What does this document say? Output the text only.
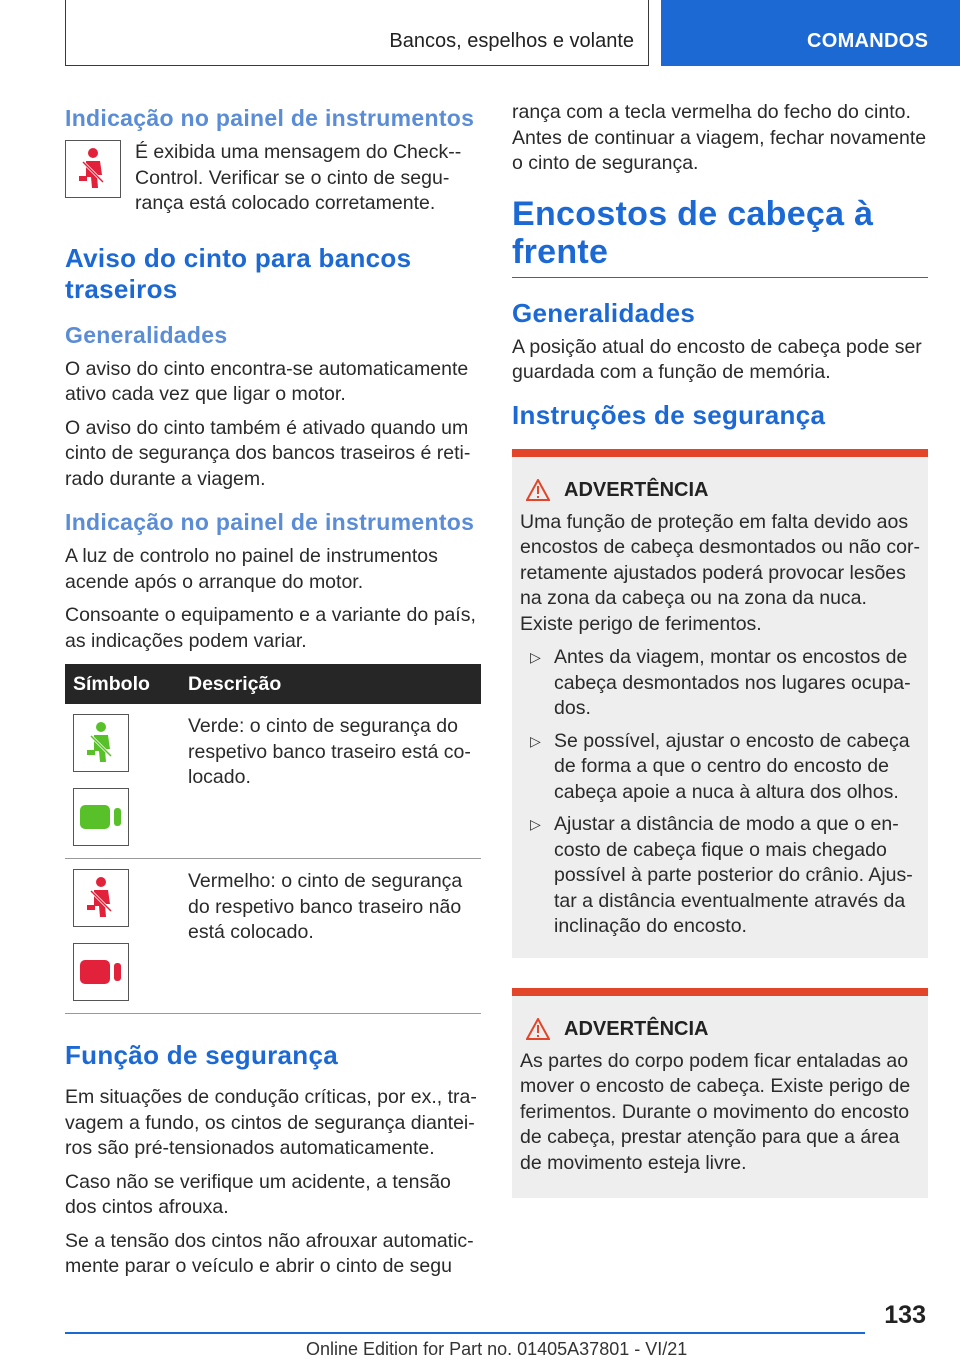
Bancos, espelhos e volante	COMANDOS
Indicação no painel de instrumentos

É exibida uma mensagem do Check-Control. Verificar se o cinto de segurança está colocado corretamente.

Aviso do cinto para bancos traseiros
Generalidades

O aviso do cinto encontra-se automaticamente ativo cada vez que ligar o motor.

O aviso do cinto também é ativado quando um cinto de segurança dos bancos traseiros é retirado durante a viagem.

Indicação no painel de instrumentos

A luz de controlo no painel de instrumentos acende após o arranque do motor.

Consoante o equipamento e a variante do país, as indicações podem variar.

Símbolo	Descrição

	Verde: o cinto de segurança do respetivo banco traseiro está colocado.

	Vermelho: o cinto de segurança do respetivo banco traseiro não está colocado.
Função de segurança

Em situações de condução críticas, por ex., travagem a fundo, os cintos de segurança dianteiros são pré-tensionados automaticamente.

Caso não se verifique um acidente, a tensão dos cintos afrouxa.

Se a tensão dos cintos não afrouxar automaticmente parar o veículo e abrir o cinto de segu

rança com a tecla vermelha do fecho do cinto. Antes de continuar a viagem, fechar novamente o cinto de segurança.

Encostos de cabeça à frente
Generalidades

A posição atual do encosto de cabeça pode ser guardada com a função de memória.

Instruções de segurança
ADVERTÊNCIA

Uma função de proteção em falta devido aos encostos de cabeça desmontados ou não corretamente ajustados poderá provocar lesões na zona da cabeça ou na zona da nuca. Existe perigo de ferimentos.

▷ Antes da viagem, montar os encostos de cabeça desmontados nos lugares ocupados.
▷ Se possível, ajustar o encosto de cabeça de forma a que o centro do encosto de cabeça apoie a nuca à altura dos olhos.
▷ Ajustar a distância de modo a que o encosto de cabeça fique o mais chegado possível à parte posterior do crânio. Ajustar a distância eventualmente através da inclinação do encosto.
ADVERTÊNCIA

As partes do corpo podem ficar entaladas ao mover o encosto de cabeça. Existe perigo de ferimentos. Durante o movimento do encosto de cabeça, prestar atenção para que a área de movimento esteja livre.

133
Online Edition for Part no. 01405A37801 - VI/21
